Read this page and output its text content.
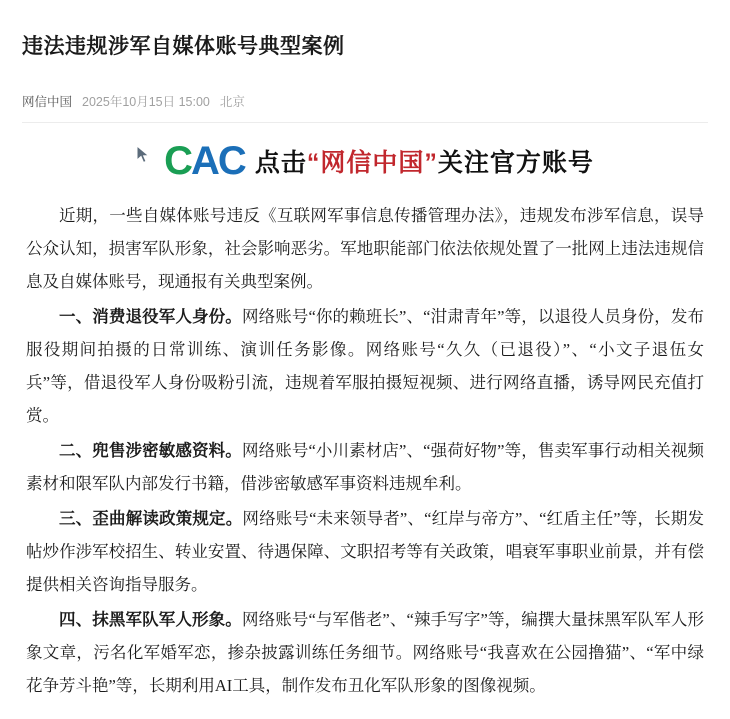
违法违规涉军自媒体账号典型案例
网信中国 2025年10月15日 15:00 北京
C A C 点击“网信中国”关注官方账号

近期，一些自媒体账号违反《互联网军事信息传播管理办法》，违规发布涉军信息，误导公众认知，损害军队形象，社会影响恶劣。军地职能部门依法依规处置了一批网上违法违规信息及自媒体账号，现通报有关典型案例。

一、消费退役军人身份。网络账号“你的赖班长”、“泔肃青年”等，以退役人员身份，发布服役期间拍摄的日常训练、演训任务影像。网络账号“久久（已退役）”、“小文子退伍女兵”等，借退役军人身份吸粉引流，违规着军服拍摄短视频、进行网络直播，诱导网民充值打赏。

二、兜售涉密敏感资料。网络账号“小川素材店”、“强荷好物”等，售卖军事行动相关视频素材和限军队内部发行书籍，借涉密敏感军事资料违规牟利。

三、歪曲解读政策规定。网络账号“未来领导者”、“红岸与帝方”、“红盾主任”等，长期发帖炒作涉军校招生、转业安置、待遇保障、文职招考等有关政策，唱衰军事职业前景，并有偿提供相关咨询指导服务。

四、抹黑军队军人形象。网络账号“与军偕老”、“辣手写字”等，编撰大量抹黑军队军人形象文章，污名化军婚军恋，掺杂披露训练任务细节。网络账号“我喜欢在公园撸猫”、“军中绿花争芳斗艳”等，长期利用AI工具，制作发布丑化军队形象的图像视频。
